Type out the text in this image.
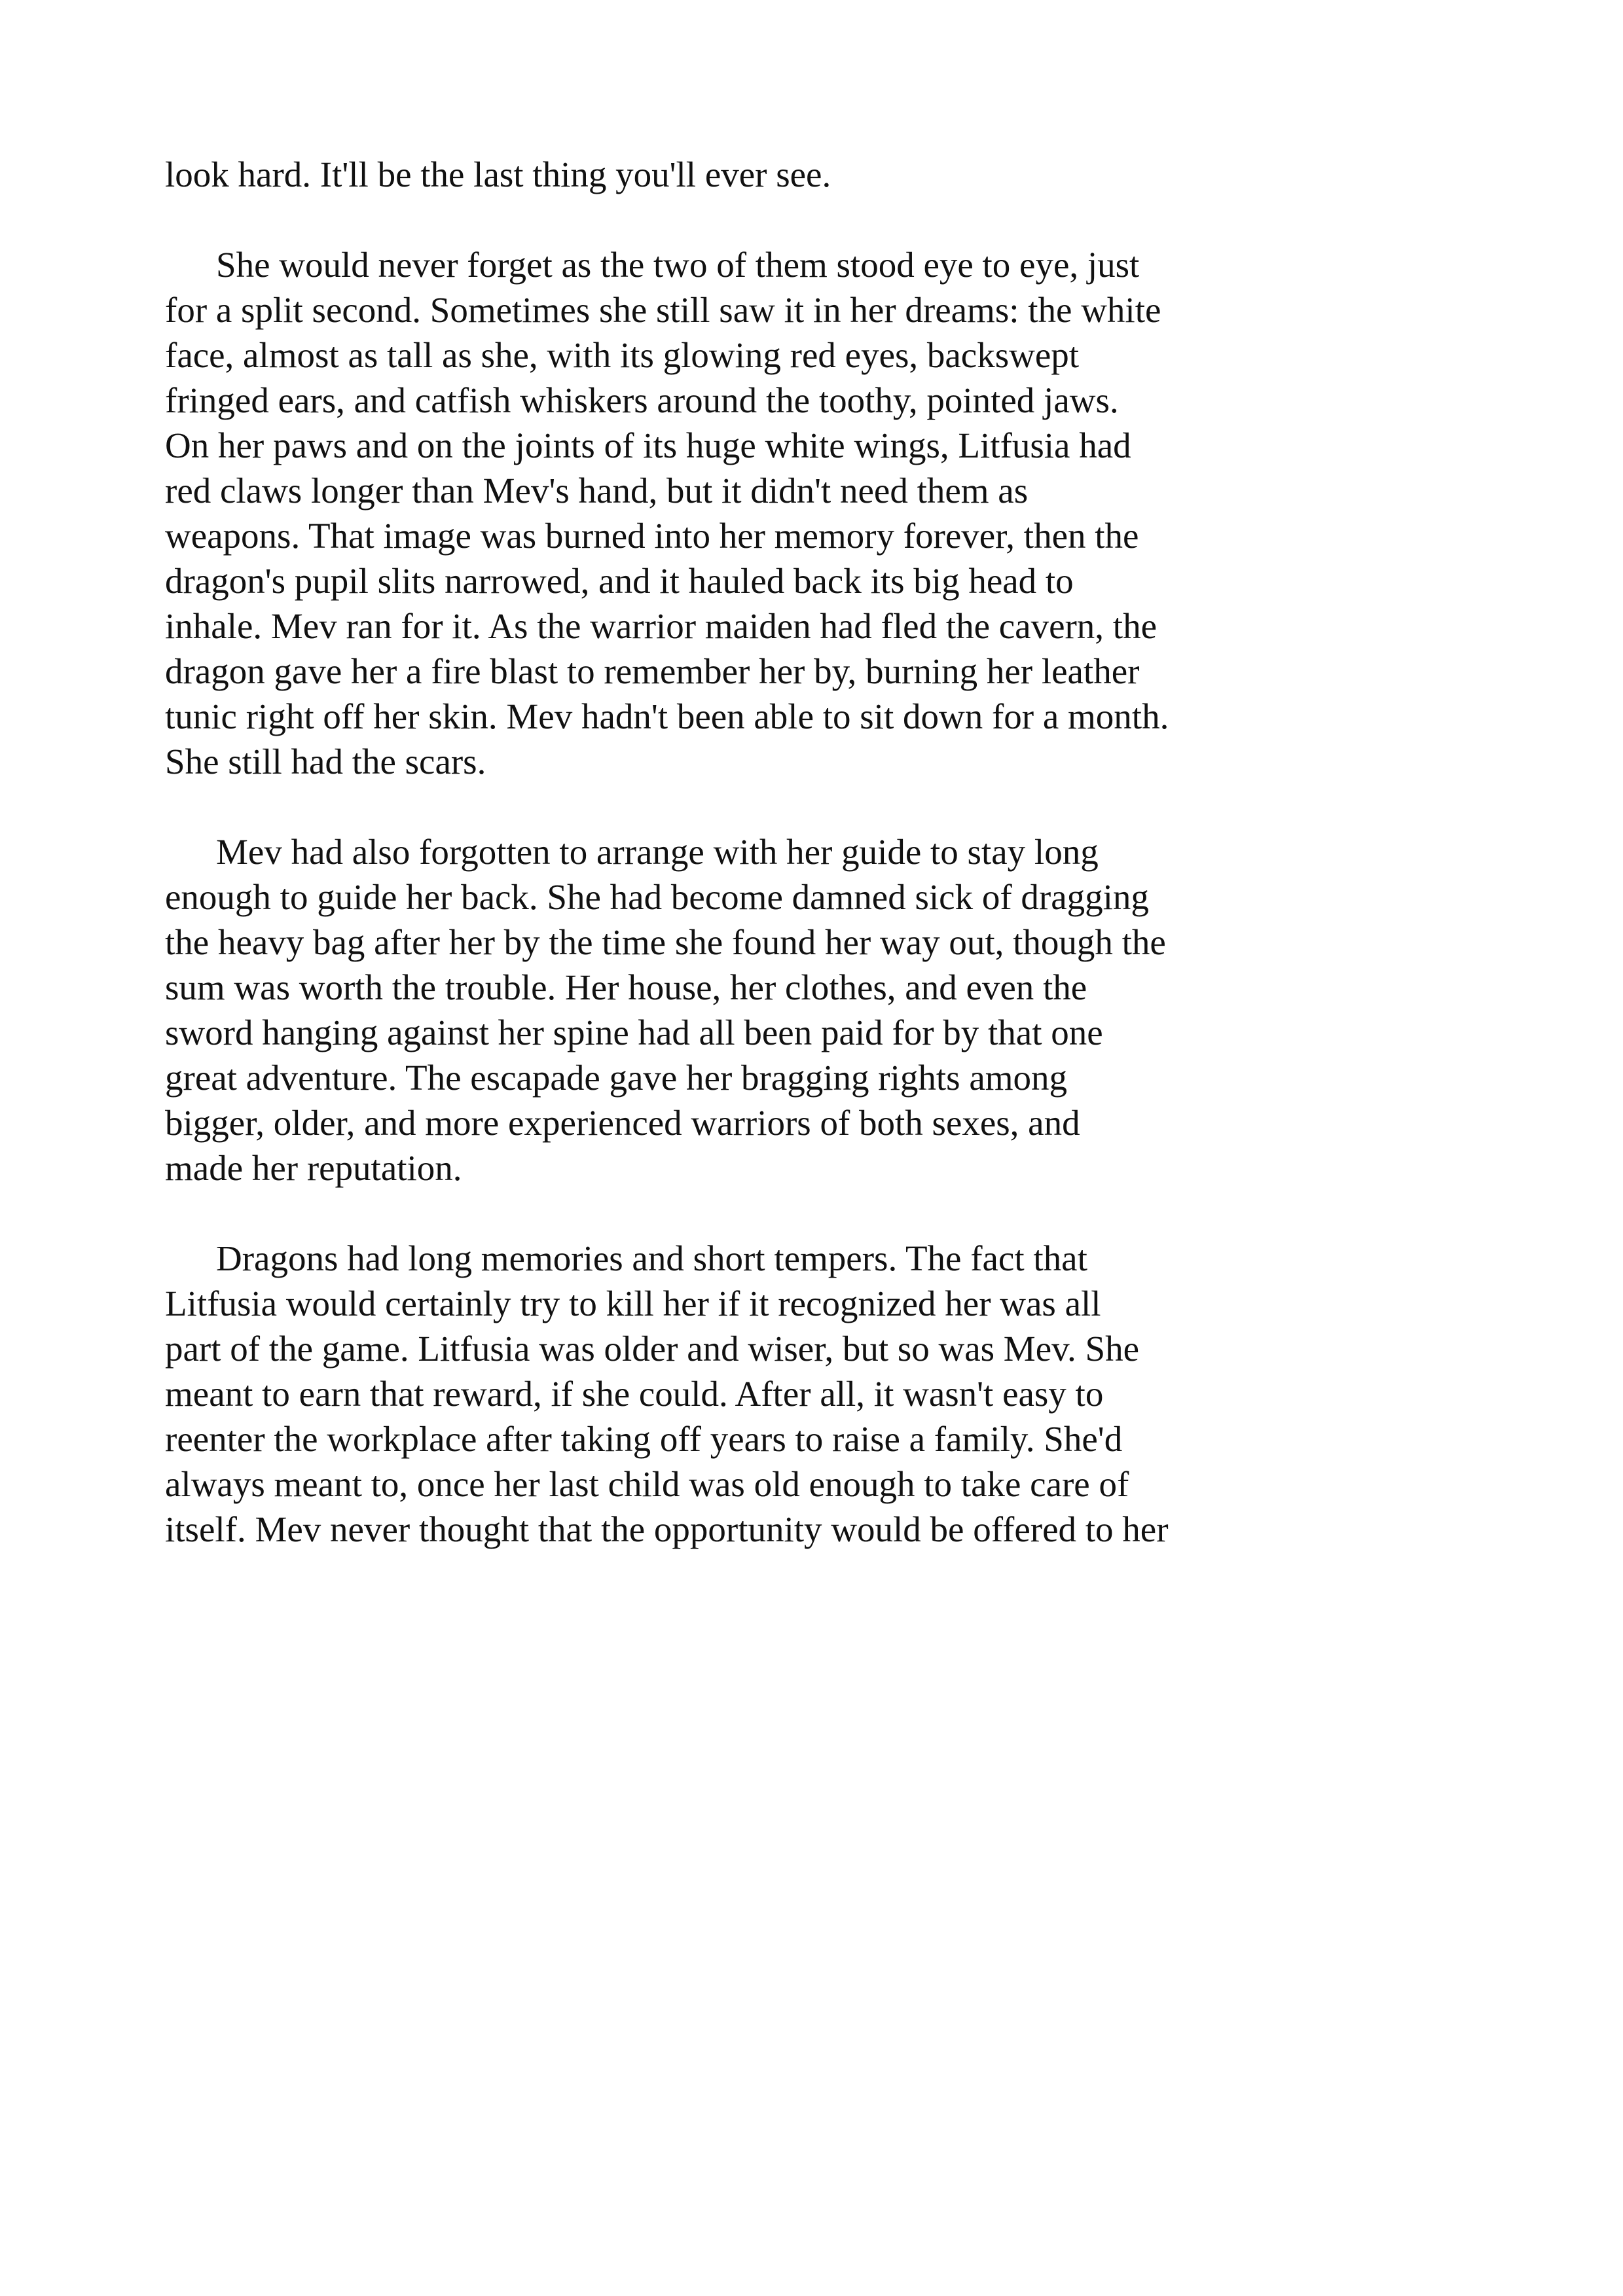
look hard. It'll be the last thing you'll ever see.

She would never forget as the two of them stood eye to eye, just
for a split second. Sometimes she still saw it in her dreams: the white
face, almost as tall as she, with its glowing red eyes, backswept
fringed ears, and catfish whiskers around the toothy, pointed jaws.
On her paws and on the joints of its huge white wings, Litfusia had
red claws longer than Mev's hand, but it didn't need them as
weapons. That image was burned into her memory forever, then the
dragon's pupil slits narrowed, and it hauled back its big head to
inhale. Mev ran for it. As the warrior maiden had fled the cavern, the
dragon gave her a fire blast to remember her by, burning her leather
tunic right off her skin. Mev hadn't been able to sit down for a month.
She still had the scars.

Mev had also forgotten to arrange with her guide to stay long
enough to guide her back. She had become damned sick of dragging
the heavy bag after her by the time she found her way out, though the
sum was worth the trouble. Her house, her clothes, and even the
sword hanging against her spine had all been paid for by that one
great adventure. The escapade gave her bragging rights among
bigger, older, and more experienced warriors of both sexes, and
made her reputation.

Dragons had long memories and short tempers. The fact that
Litfusia would certainly try to kill her if it recognized her was all
part of the game. Litfusia was older and wiser, but so was Mev. She
meant to earn that reward, if she could. After all, it wasn't easy to
reenter the workplace after taking off years to raise a family. She'd
always meant to, once her last child was old enough to take care of
itself. Mev never thought that the opportunity would be offered to her
